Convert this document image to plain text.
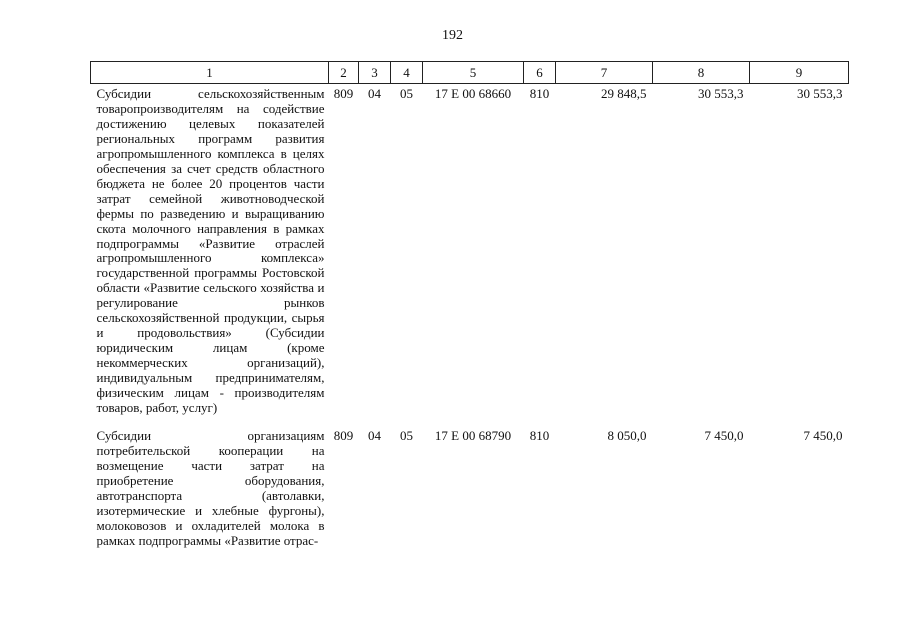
192
1	2	3	4	5	6	7	8	9
Субсидии сельскохозяйственным товаропроизводителям на содействие достижению целевых показателей региональных программ развития агропромышленного комплекса в целях обеспечения за счет средств областного бюджета не более 20 процентов части затрат семейной животноводческой фермы по разведению и выращиванию скота молочного направления в рамках подпрограммы «Развитие отраслей агропромышленного комплекса» государственной программы Ростовской области «Развитие сельского хозяйства и регулирование рынков сельскохозяйственной продукции, сырья и продовольствия» (Субсидии юридическим лицам (кроме некоммерческих организаций), индивидуальным предпринимателям, физическим лицам - производителям товаров, работ, услуг)	809	04	05	17 Е 00 68660	810	29 848,5	30 553,3	30 553,3
Субсидии организациям потребительской кооперации на возмещение части затрат на приобретение оборудования, автотранспорта (автолавки, изотермические и хлебные фургоны), молоковозов и охладителей молока в рамках подпрограммы «Развитие отрас-	809	04	05	17 Е 00 68790	810	8 050,0	7 450,0	7 450,0
